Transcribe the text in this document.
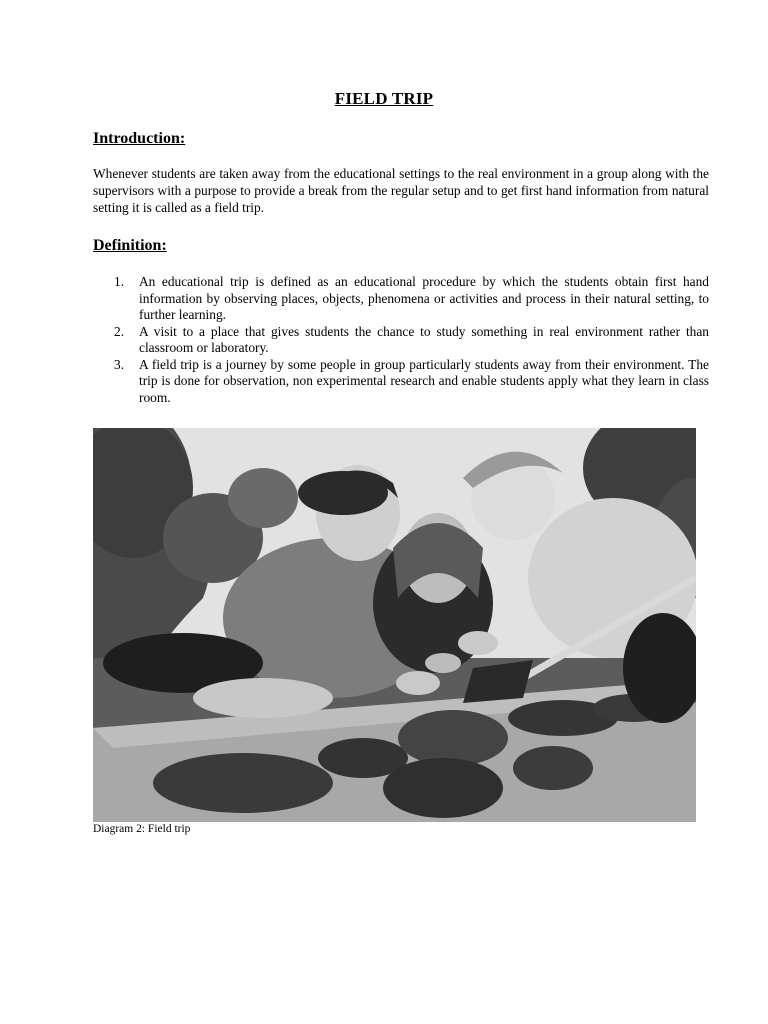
FIELD TRIP
Introduction:

Whenever students are taken away from the educational settings to the real environment in a group along with the supervisors with a purpose to provide a break from the regular setup and to get first hand information from natural setting it is called as a field trip.

Definition:
1. An educational trip is defined as an educational procedure by which the students obtain first hand information by observing places, objects, phenomena or activities and process in their natural setting, to further learning.
2. A visit to a place that gives students the chance to study something in real environment rather than classroom or laboratory.
3. A field trip is a journey by some people in group particularly students away from their environment. The trip is done for observation, non experimental research and enable students apply what they learn in class room.
Diagram 2: Field trip
